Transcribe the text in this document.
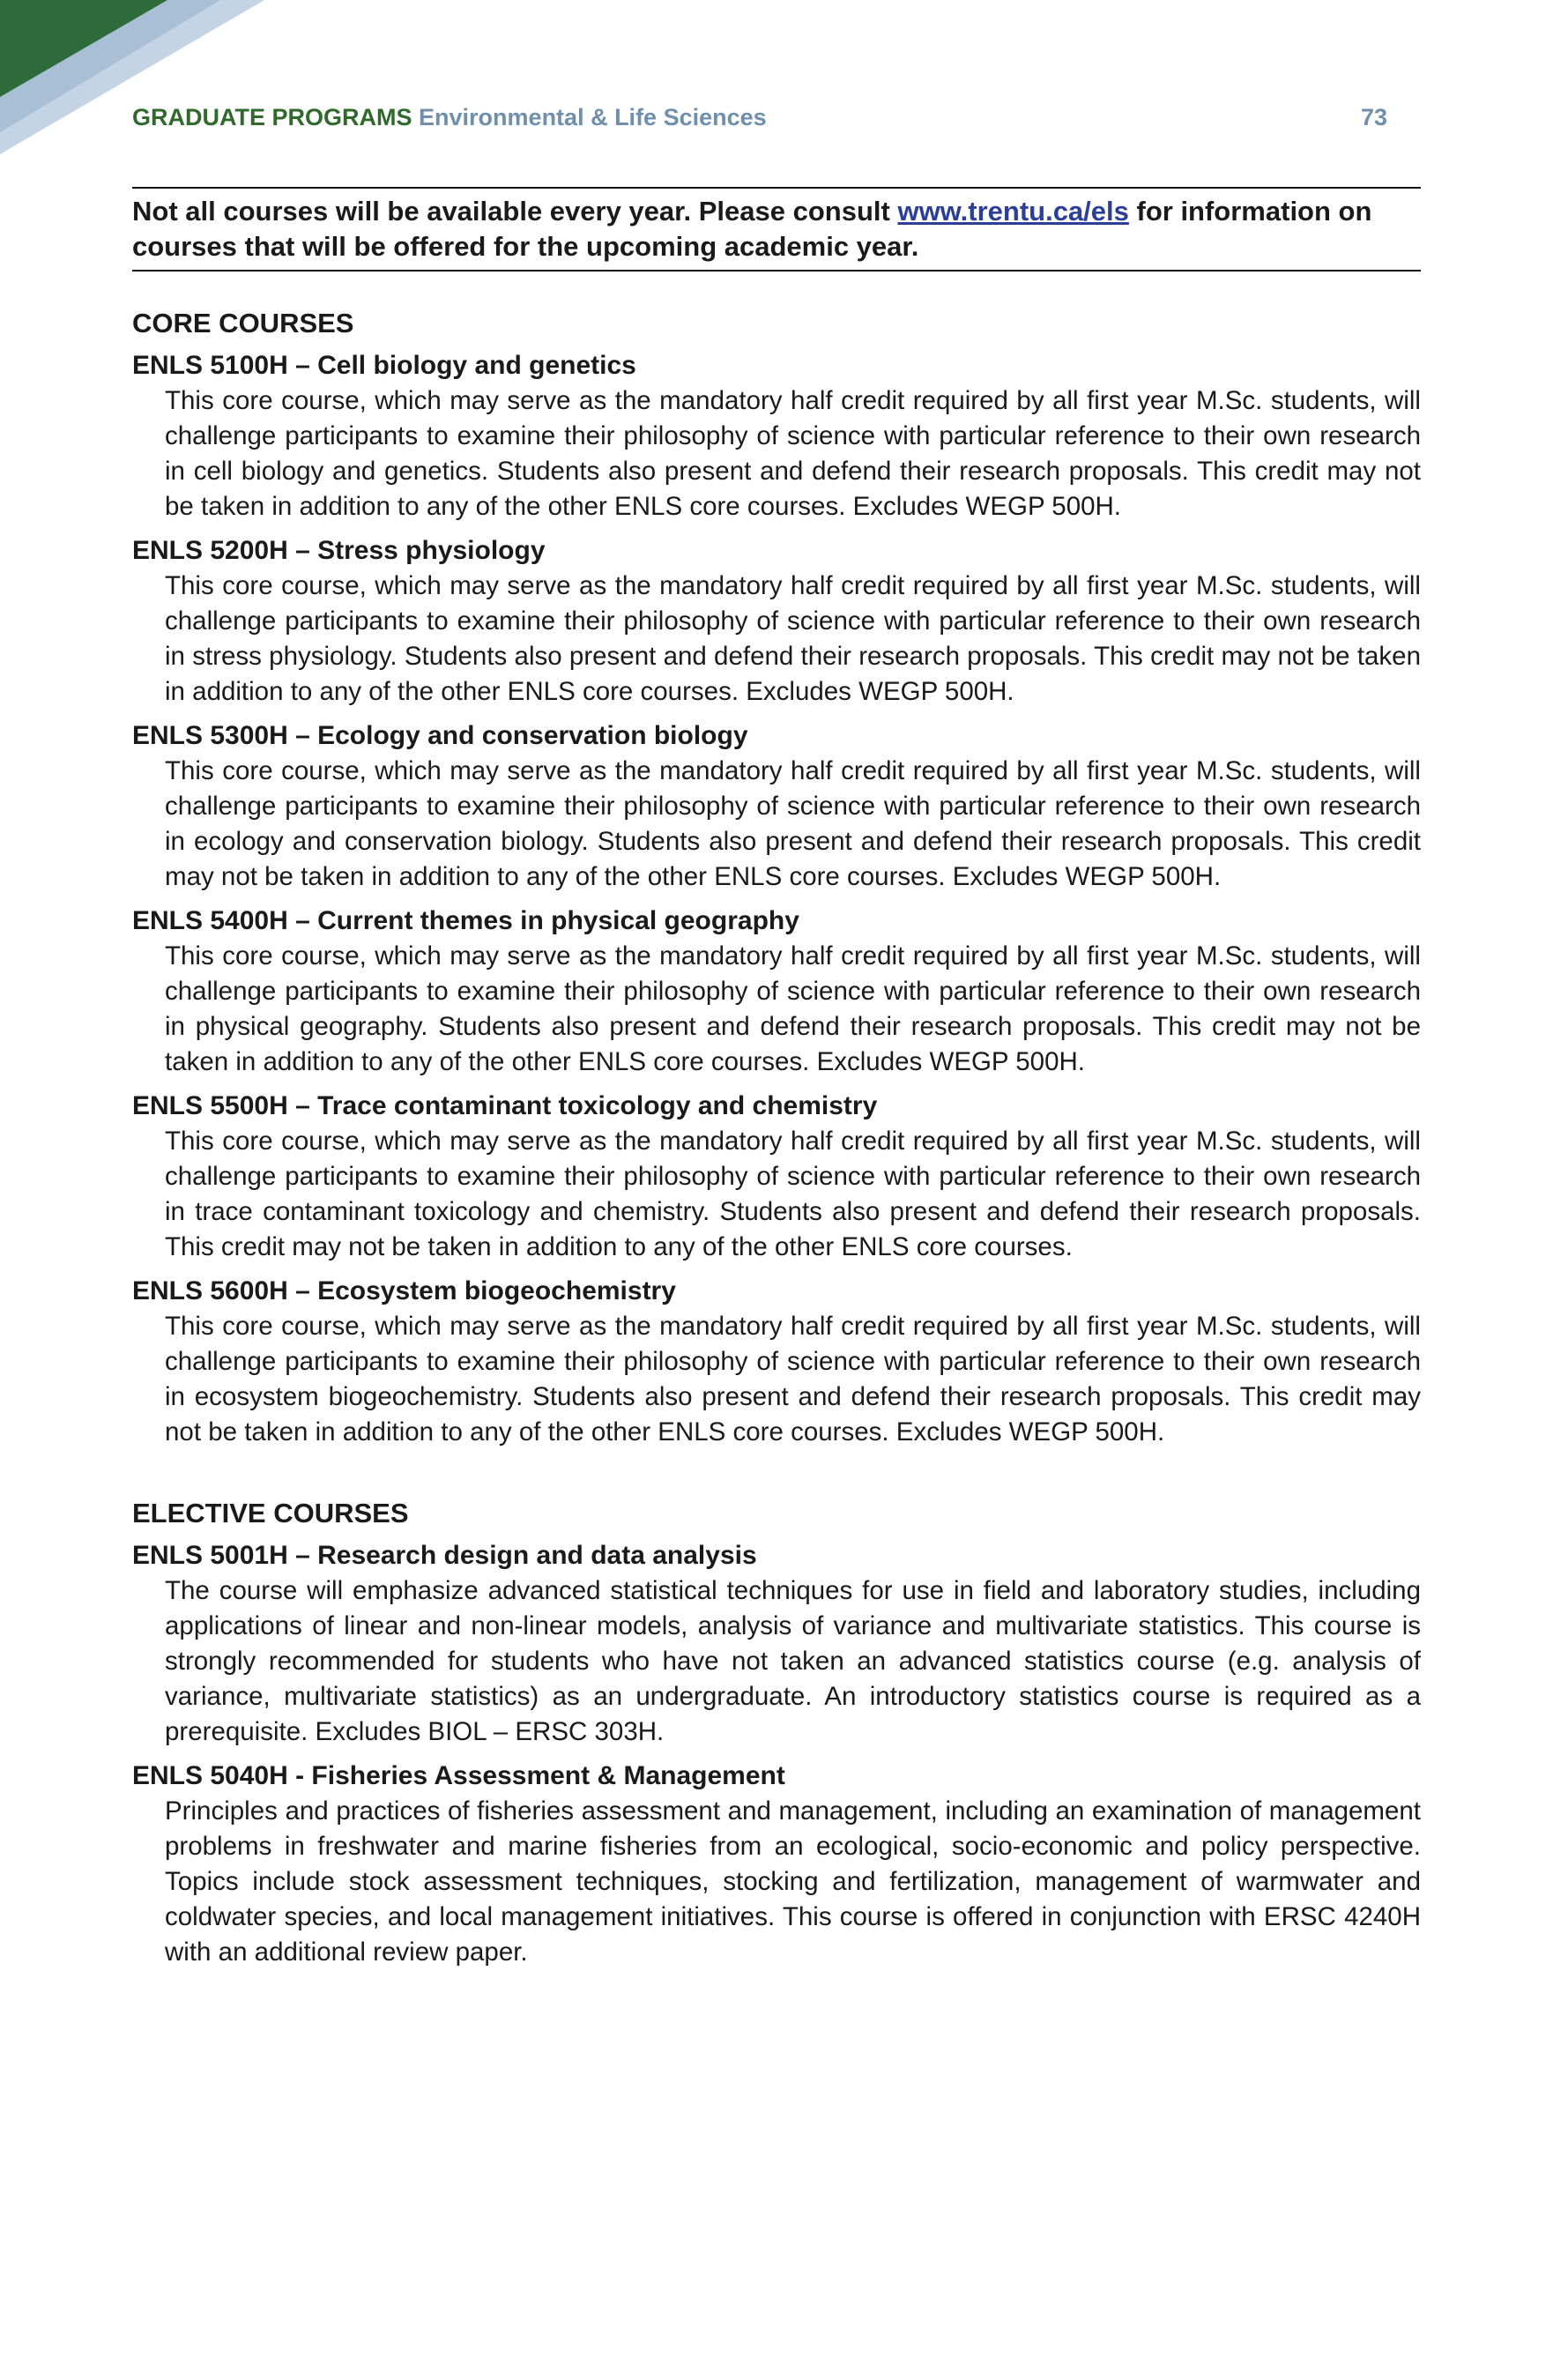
GRADUATE PROGRAMS Environmental & Life Sciences	73
Not all courses will be available every year. Please consult www.trentu.ca/els for information on courses that will be offered for the upcoming academic year.
CORE COURSES
ENLS 5100H – Cell biology and genetics
This core course, which may serve as the mandatory half credit required by all first year M.Sc. students, will challenge participants to examine their philosophy of science with particular reference to their own research in cell biology and genetics. Students also present and defend their research proposals. This credit may not be taken in addition to any of the other ENLS core courses. Excludes WEGP 500H.
ENLS 5200H – Stress physiology
This core course, which may serve as the mandatory half credit required by all first year M.Sc. students, will challenge participants to examine their philosophy of science with particular reference to their own research in stress physiology. Students also present and defend their research proposals. This credit may not be taken in addition to any of the other ENLS core courses. Excludes WEGP 500H.
ENLS 5300H – Ecology and conservation biology
This core course, which may serve as the mandatory half credit required by all first year M.Sc. students, will challenge participants to examine their philosophy of science with particular reference to their own research in ecology and conservation biology. Students also present and defend their research proposals. This credit may not be taken in addition to any of the other ENLS core courses. Excludes WEGP 500H.
ENLS 5400H – Current themes in physical geography
This core course, which may serve as the mandatory half credit required by all first year M.Sc. students, will challenge participants to examine their philosophy of science with particular reference to their own research in physical geography. Students also present and defend their research proposals. This credit may not be taken in addition to any of the other ENLS core courses. Excludes WEGP 500H.
ENLS 5500H – Trace contaminant toxicology and chemistry
This core course, which may serve as the mandatory half credit required by all first year M.Sc. students, will challenge participants to examine their philosophy of science with particular reference to their own research in trace contaminant toxicology and chemistry. Students also present and defend their research proposals. This credit may not be taken in addition to any of the other ENLS core courses.
ENLS 5600H – Ecosystem biogeochemistry
This core course, which may serve as the mandatory half credit required by all first year M.Sc. students, will challenge participants to examine their philosophy of science with particular reference to their own research in ecosystem biogeochemistry. Students also present and defend their research proposals. This credit may not be taken in addition to any of the other ENLS core courses. Excludes WEGP 500H.
ELECTIVE COURSES
ENLS 5001H – Research design and data analysis
The course will emphasize advanced statistical techniques for use in field and laboratory studies, including applications of linear and non-linear models, analysis of variance and multivariate statistics. This course is strongly recommended for students who have not taken an advanced statistics course (e.g. analysis of variance, multivariate statistics) as an undergraduate. An introductory statistics course is required as a prerequisite. Excludes BIOL – ERSC 303H.
ENLS 5040H - Fisheries Assessment & Management
Principles and practices of fisheries assessment and management, including an examination of management problems in freshwater and marine fisheries from an ecological, socio-economic and policy perspective. Topics include stock assessment techniques, stocking and fertilization, management of warmwater and coldwater species, and local management initiatives. This course is offered in conjunction with ERSC 4240H with an additional review paper.
